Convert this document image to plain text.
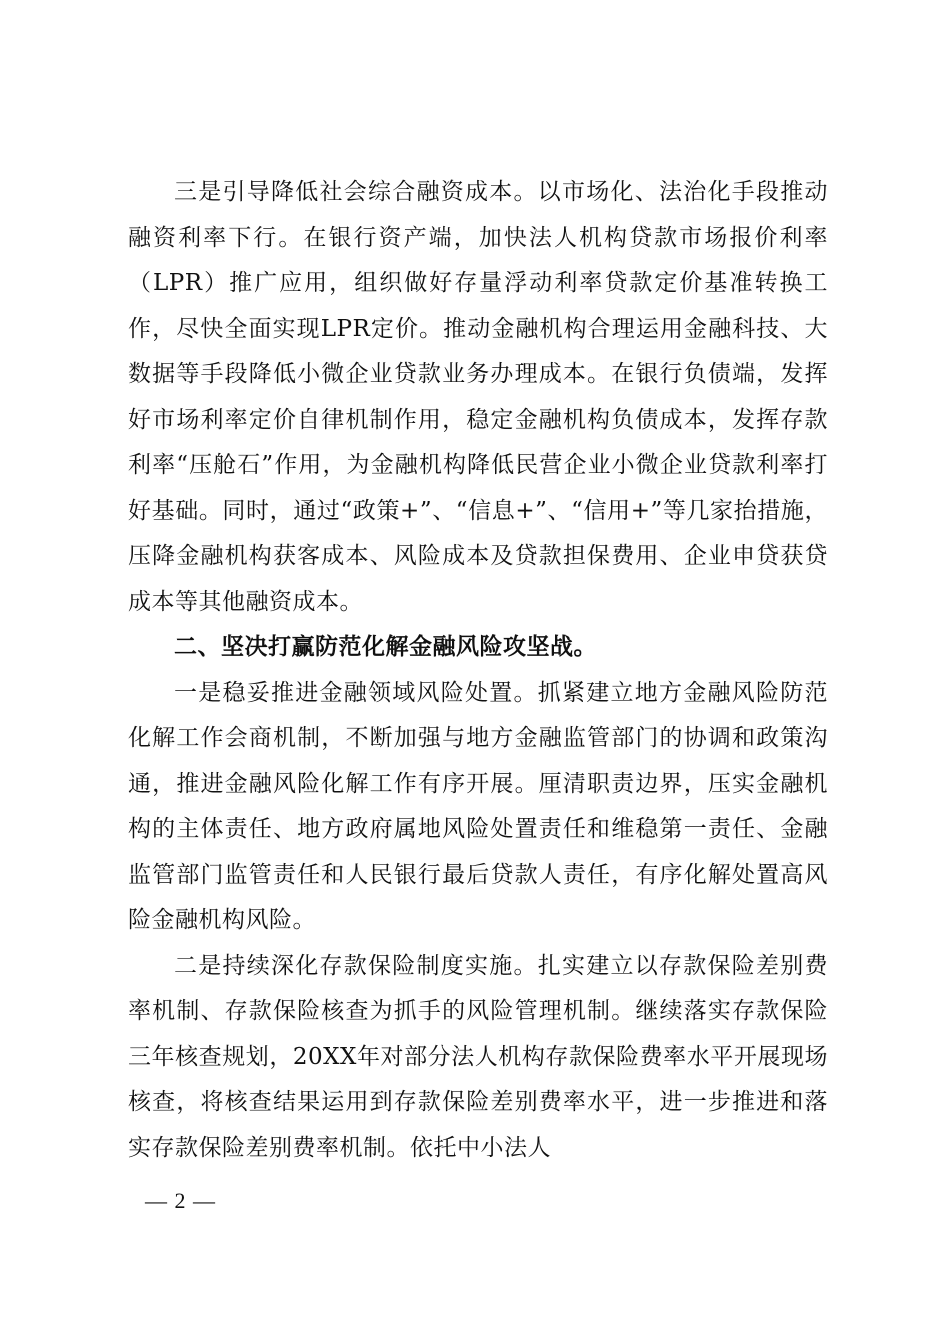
三是引导降低社会综合融资成本。以市场化、法治化手段推动融资利率下行。在银行资产端，加快法人机构贷款市场报价利率（LPR）推广应用，组织做好存量浮动利率贷款定价基准转换工作，尽快全面实现LPR定价。推动金融机构合理运用金融科技、大数据等手段降低小微企业贷款业务办理成本。在银行负债端，发挥好市场利率定价自律机制作用，稳定金融机构负债成本，发挥存款利率“压舱石”作用，为金融机构降低民营企业小微企业贷款利率打好基础。同时，通过“政策+”、“信息+”、“信用+”等几家抬措施，压降金融机构获客成本、风险成本及贷款担保费用、企业申贷获贷成本等其他融资成本。

二、坚决打赢防范化解金融风险攻坚战。

一是稳妥推进金融领域风险处置。抓紧建立地方金融风险防范化解工作会商机制，不断加强与地方金融监管部门的协调和政策沟通，推进金融风险化解工作有序开展。厘清职责边界，压实金融机构的主体责任、地方政府属地风险处置责任和维稳第一责任、金融监管部门监管责任和人民银行最后贷款人责任，有序化解处置高风险金融机构风险。

二是持续深化存款保险制度实施。扎实建立以存款保险差别费率机制、存款保险核查为抓手的风险管理机制。继续落实存款保险三年核查规划，20XX年对部分法人机构存款保险费率水平开展现场核查，将核查结果运用到存款保险差别费率水平，进一步推进和落实存款保险差别费率机制。依托中小法人

— 2 —
